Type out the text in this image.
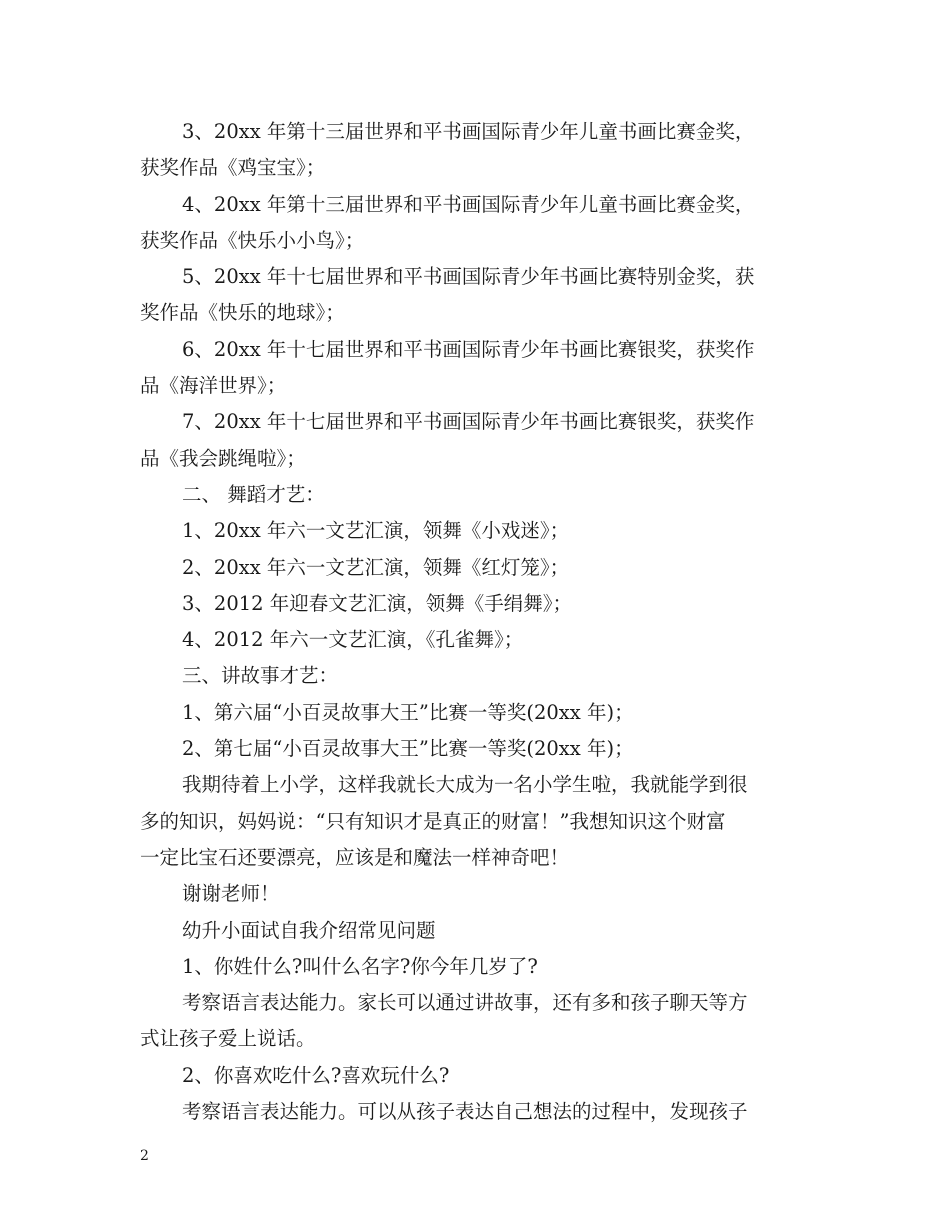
3、20xx 年第十三届世界和平书画国际青少年儿童书画比赛金奖，
获奖作品《鸡宝宝》；
4、20xx 年第十三届世界和平书画国际青少年儿童书画比赛金奖，
获奖作品《快乐小小鸟》；
5、20xx 年十七届世界和平书画国际青少年书画比赛特别金奖，获
奖作品《快乐的地球》；
6、20xx 年十七届世界和平书画国际青少年书画比赛银奖，获奖作
品《海洋世界》；
7、20xx 年十七届世界和平书画国际青少年书画比赛银奖，获奖作
品《我会跳绳啦》；
二、 舞蹈才艺：
1、20xx 年六一文艺汇演，领舞《小戏迷》；
2、20xx 年六一文艺汇演，领舞《红灯笼》；
3、2012 年迎春文艺汇演，领舞《手绢舞》；
4、2012 年六一文艺汇演，《孔雀舞》；
三、讲故事才艺：
1、第六届“小百灵故事大王”比赛一等奖(20xx 年)；
2、第七届“小百灵故事大王”比赛一等奖(20xx 年)；
我期待着上小学，这样我就长大成为一名小学生啦，我就能学到很
多的知识，妈妈说：“只有知识才是真正的财富！”我想知识这个财富
一定比宝石还要漂亮，应该是和魔法一样神奇吧！
谢谢老师！
幼升小面试自我介绍常见问题
1、你姓什么?叫什么名字?你今年几岁了?
考察语言表达能力。家长可以通过讲故事，还有多和孩子聊天等方
式让孩子爱上说话。
2、你喜欢吃什么?喜欢玩什么?
考察语言表达能力。可以从孩子表达自己想法的过程中，发现孩子
2
